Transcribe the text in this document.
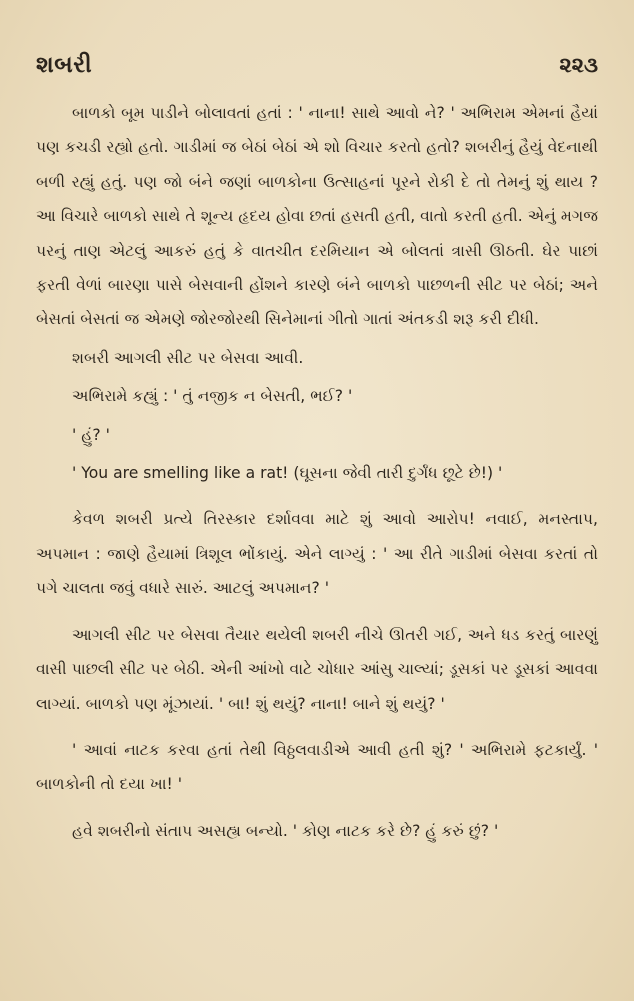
શબરી	૨૨૩

બાળકો બૂમ પાડીને બોલાવતાં હતાં : ' નાના! સાથે આવો ને? ' અભિરામ એમનાં હૈયાં પણ કચડી રહ્યો હતો. ગાડીમાં જ બેઠાં બેઠાં એ શો વિચાર કરતો હતો? શબરીનું હૈયું વેદનાથી બળી રહ્યું હતું. પણ જો બંને જણાં બાળકોના ઉત્સાહનાં પૂરને રોકી દે તો તેમનું શું થાય ? આ વિચારે બાળકો સાથે તે શૂન્ય હૃદય હોવા છતાં હસતી હતી, વાતો કરતી હતી. એનું મગજ પરનું તાણ એટલું આકરું હતું કે વાતચીત દરમિયાન એ બોલતાં ત્રાસી ઊઠતી. ઘેર પાછાં ફરતી વેળાં બારણા પાસે બેસવાની હોંશને કારણે બંને બાળકો પાછળની સીટ પર બેઠાં; અને બેસતાં બેસતાં જ એમણે જોરજોરથી સિનેમાનાં ગીતો ગાતાં અંતકડી શરૂ કરી દીધી.

શબરી આગલી સીટ પર બેસવા આવી.

અભિરામે કહ્યું : ' તું નજીક ન બેસતી, ભઈ? '

' હું? '

' You are smelling like a rat! (ઘૂસના જેવી તારી દુર્ગંધ છૂટે છે!) '

કેવળ શબરી પ્રત્યે તિરસ્કાર દર્શાવવા માટે શું આવો આરોપ! નવાઈ, મનસ્તાપ, અપમાન : જાણે હૈયામાં ત્રિશૂલ ભોંકાયું. એને લાગ્યું : ' આ રીતે ગાડીમાં બેસવા કરતાં તો પગે ચાલતા જવું વધારે સારું. આટલું અપમાન? '

આગલી સીટ પર બેસવા તૈયાર થયેલી શબરી નીચે ઊતરી ગઈ, અને ધડ કરતું બારણું વાસી પાછલી સીટ પર બેઠી. એની આંખો વાટે ચોધાર આંસુ ચાલ્યાં; ડૂસકાં પર ડૂસકાં આવવા લાગ્યાં. બાળકો પણ મૂંઝાયાં. ' બા! શું થયું? નાના! બાને શું થયું? '

' આવાં નાટક કરવા હતાં તેથી વિઠ્ઠલવાડીએ આવી હતી શું? ' અભિરામે ફટકાર્યું. ' બાળકોની તો દયા ખા! '

હવે શબરીનો સંતાપ અસહ્ય બન્યો. ' કોણ નાટક કરે છે? હું કરું છું? '
